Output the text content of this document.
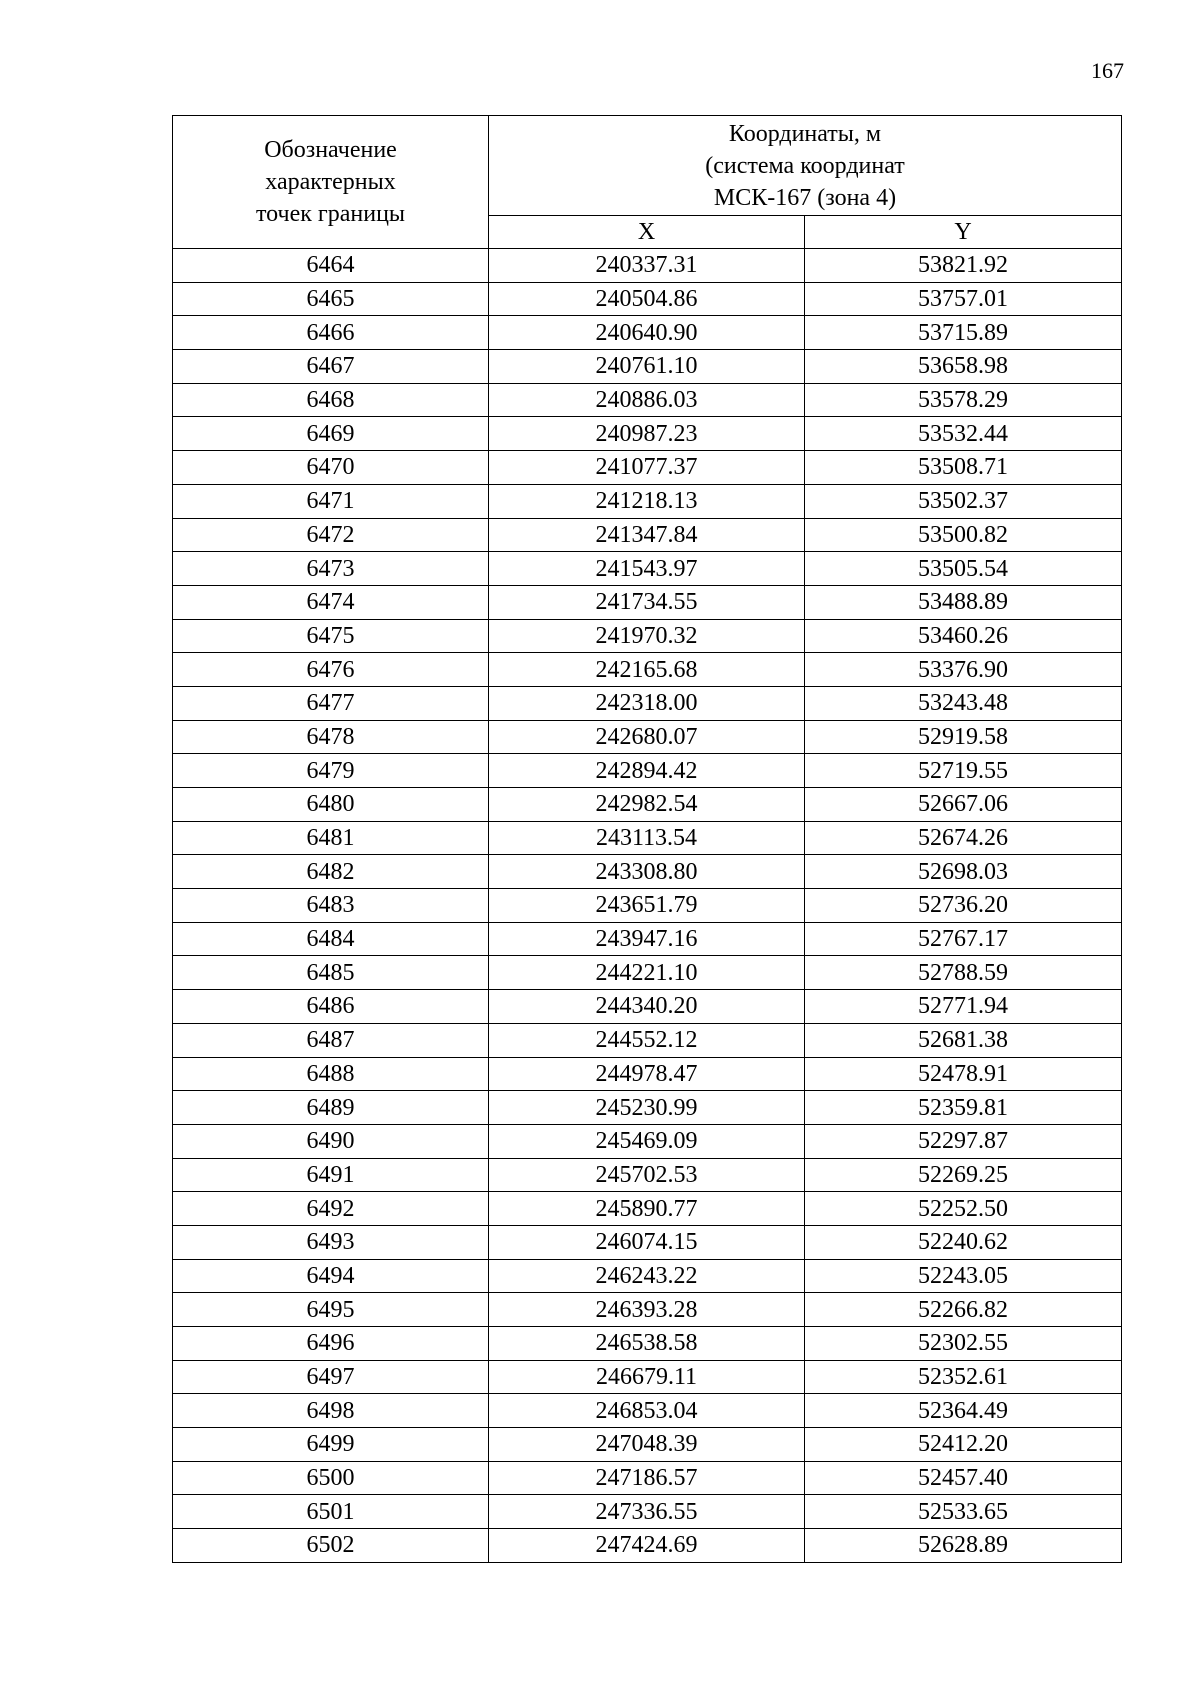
167
Обозначение
характерных
точек границы	Координаты, м
(система координат
МСК-167 (зона 4)	

	X	Y
6464	240337.31	53821.92
6465	240504.86	53757.01
6466	240640.90	53715.89
6467	240761.10	53658.98
6468	240886.03	53578.29
6469	240987.23	53532.44
6470	241077.37	53508.71
6471	241218.13	53502.37
6472	241347.84	53500.82
6473	241543.97	53505.54
6474	241734.55	53488.89
6475	241970.32	53460.26
6476	242165.68	53376.90
6477	242318.00	53243.48
6478	242680.07	52919.58
6479	242894.42	52719.55
6480	242982.54	52667.06
6481	243113.54	52674.26
6482	243308.80	52698.03
6483	243651.79	52736.20
6484	243947.16	52767.17
6485	244221.10	52788.59
6486	244340.20	52771.94
6487	244552.12	52681.38
6488	244978.47	52478.91
6489	245230.99	52359.81
6490	245469.09	52297.87
6491	245702.53	52269.25
6492	245890.77	52252.50
6493	246074.15	52240.62
6494	246243.22	52243.05
6495	246393.28	52266.82
6496	246538.58	52302.55
6497	246679.11	52352.61
6498	246853.04	52364.49
6499	247048.39	52412.20
6500	247186.57	52457.40
6501	247336.55	52533.65
6502	247424.69	52628.89
